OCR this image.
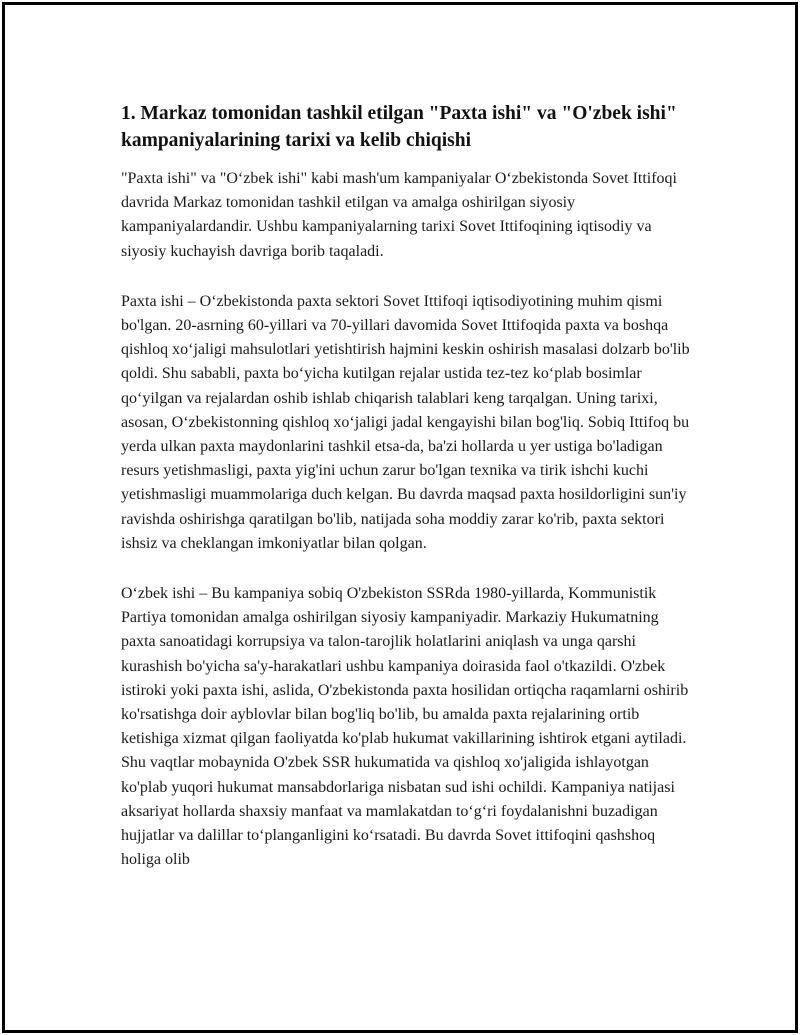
1. Markaz tomonidan tashkil etilgan "Paxta ishi" va "O'zbek ishi" kampaniyalarining tarixi va kelib chiqishi

"Paxta ishi" va "O‘zbek ishi" kabi mash'um kampaniyalar O‘zbekistonda Sovet Ittifoqi davrida Markaz tomonidan tashkil etilgan va amalga oshirilgan siyosiy kampaniyalardandir. Ushbu kampaniyalarning tarixi Sovet Ittifoqining iqtisodiy va siyosiy kuchayish davriga borib taqaladi.

Paxta ishi – O‘zbekistonda paxta sektori Sovet Ittifoqi iqtisodiyotining muhim qismi bo'lgan. 20-asrning 60-yillari va 70-yillari davomida Sovet Ittifoqida paxta va boshqa qishloq xo‘jaligi mahsulotlari yetishtirish hajmini keskin oshirish masalasi dolzarb bo'lib qoldi. Shu sababli, paxta bo‘yicha kutilgan rejalar ustida tez-tez ko‘plab bosimlar qo‘yilgan va rejalardan oshib ishlab chiqarish talablari keng tarqalgan. Uning tarixi, asosan, O‘zbekistonning qishloq xo‘jaligi jadal kengayishi bilan bog'liq. Sobiq Ittifoq bu yerda ulkan paxta maydonlarini tashkil etsa-da, ba'zi hollarda u yer ustiga bo'ladigan resurs yetishmasligi, paxta yig'ini uchun zarur bo'lgan texnika va tirik ishchi kuchi yetishmasligi muammolariga duch kelgan. Bu davrda maqsad paxta hosildorligini sun'iy ravishda oshirishga qaratilgan bo'lib, natijada soha moddiy zarar ko'rib, paxta sektori ishsiz va cheklangan imkoniyatlar bilan qolgan.

O‘zbek ishi – Bu kampaniya sobiq O'zbekiston SSRda 1980-yillarda, Kommunistik Partiya tomonidan amalga oshirilgan siyosiy kampaniyadir. Markaziy Hukumatning paxta sanoatidagi korrupsiya va talon-tarojlik holatlarini aniqlash va unga qarshi kurashish bo'yicha sa'y-harakatlari ushbu kampaniya doirasida faol o'tkazildi. O'zbek istiroki yoki paxta ishi, aslida, O'zbekistonda paxta hosilidan ortiqcha raqamlarni oshirib ko'rsatishga doir ayblovlar bilan bog'liq bo'lib, bu amalda paxta rejalarining ortib ketishiga xizmat qilgan faoliyatda ko'plab hukumat vakillarining ishtirok etgani aytiladi. Shu vaqtlar mobaynida O'zbek SSR hukumatida va qishloq xo'jaligida ishlayotgan ko'plab yuqori hukumat mansabdorlariga nisbatan sud ishi ochildi. Kampaniya natijasi aksariyat hollarda shaxsiy manfaat va mamlakatdan to‘g‘ri foydalanishni buzadigan hujjatlar va dalillar to‘planganligini ko‘rsatadi. Bu davrda Sovet ittifoqini qashshoq holiga olib
